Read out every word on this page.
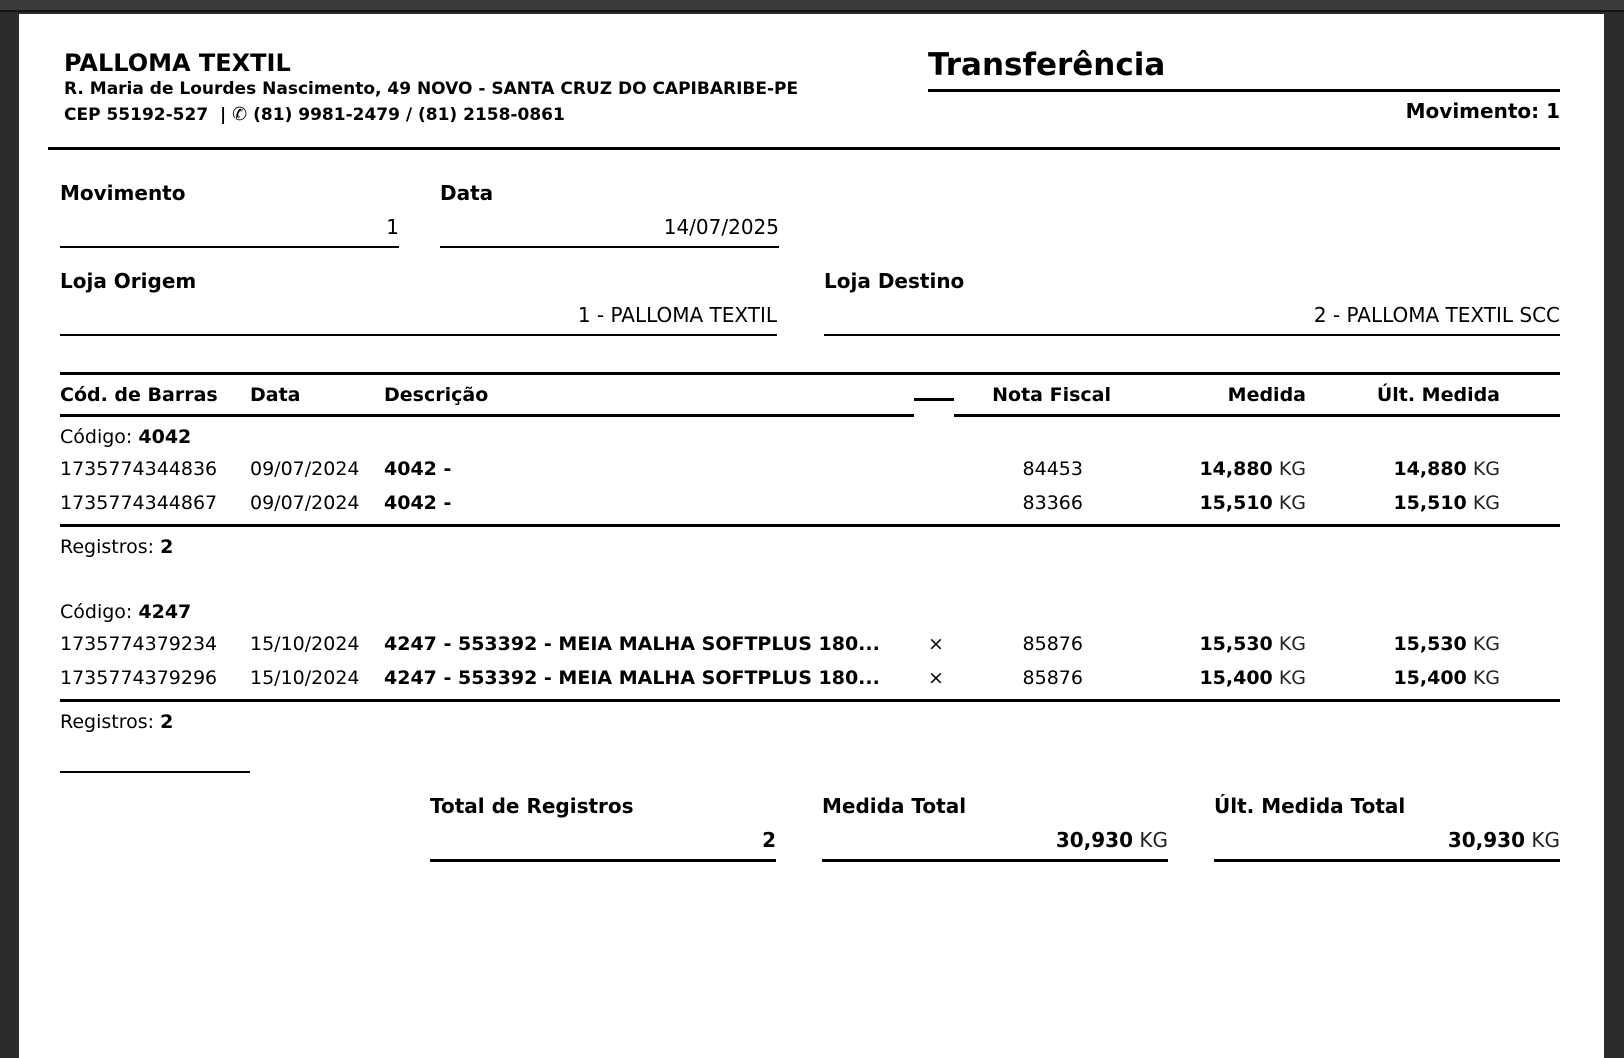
PALLOMA TEXTIL
R. Maria de Lourdes Nascimento, 49 NOVO - SANTA CRUZ DO CAPIBARIBE-PE
CEP 55192-527 | ✆ (81) 9981-2479 / (81) 2158-0861
Transferência
Movimento: 1
Movimento
1
Data
14/07/2025
Loja Origem
1 - PALLOMA TEXTIL
Loja Destino
2 - PALLOMA TEXTIL SCC
Cód. de Barras	Data	Descrição	Nota Fiscal	Medida	Últ. Medida
Código: 4042
1735774344836	09/07/2024	4042 -	84453	14,880 KG	14,880 KG
1735774344867	09/07/2024	4042 -	83366	15,510 KG	15,510 KG
Registros: 2
Código: 4247
1735774379234	15/10/2024	4247 - 553392 - MEIA MALHA SOFTPLUS 180...	×	85876	15,530 KG	15,530 KG
1735774379296	15/10/2024	4247 - 553392 - MEIA MALHA SOFTPLUS 180...	×	85876	15,400 KG	15,400 KG
Registros: 2
Total de Registros
2
Medida Total
30,930 KG
Últ. Medida Total
30,930 KG
